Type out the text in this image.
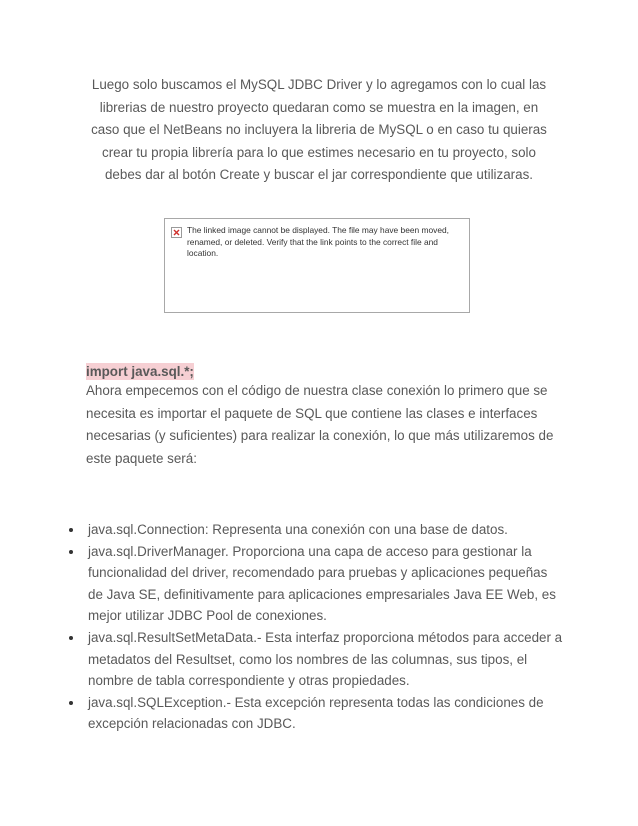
Luego solo buscamos el MySQL JDBC Driver y lo agregamos con lo cual las librerias de nuestro proyecto quedaran como se muestra en la imagen, en caso que el NetBeans no incluyera la libreria de MySQL o en caso tu quieras crear tu propia librería para lo que estimes necesario en tu proyecto, solo debes dar al botón Create y buscar el jar correspondiente que utilizaras.

The linked image cannot be displayed. The file may have been moved, renamed, or deleted. Verify that the link points to the correct file and location.

import java.sql.*;

Ahora empecemos con el código de nuestra clase conexión lo primero que se necesita es importar el paquete de SQL que contiene las clases e interfaces necesarias (y suficientes) para realizar la conexión, lo que más utilizaremos de este paquete será:

java.sql.Connection: Representa una conexión con una base de datos.
java.sql.DriverManager. Proporciona una capa de acceso para gestionar la funcionalidad del driver, recomendado para pruebas y aplicaciones pequeñas de Java SE, definitivamente para aplicaciones empresariales Java EE Web, es mejor utilizar JDBC Pool de conexiones.
java.sql.ResultSetMetaData.- Esta interfaz proporciona métodos para acceder a metadatos del Resultset, como los nombres de las columnas, sus tipos, el nombre de tabla correspondiente y otras propiedades.
java.sql.SQLException.- Esta excepción representa todas las condiciones de excepción relacionadas con JDBC.
